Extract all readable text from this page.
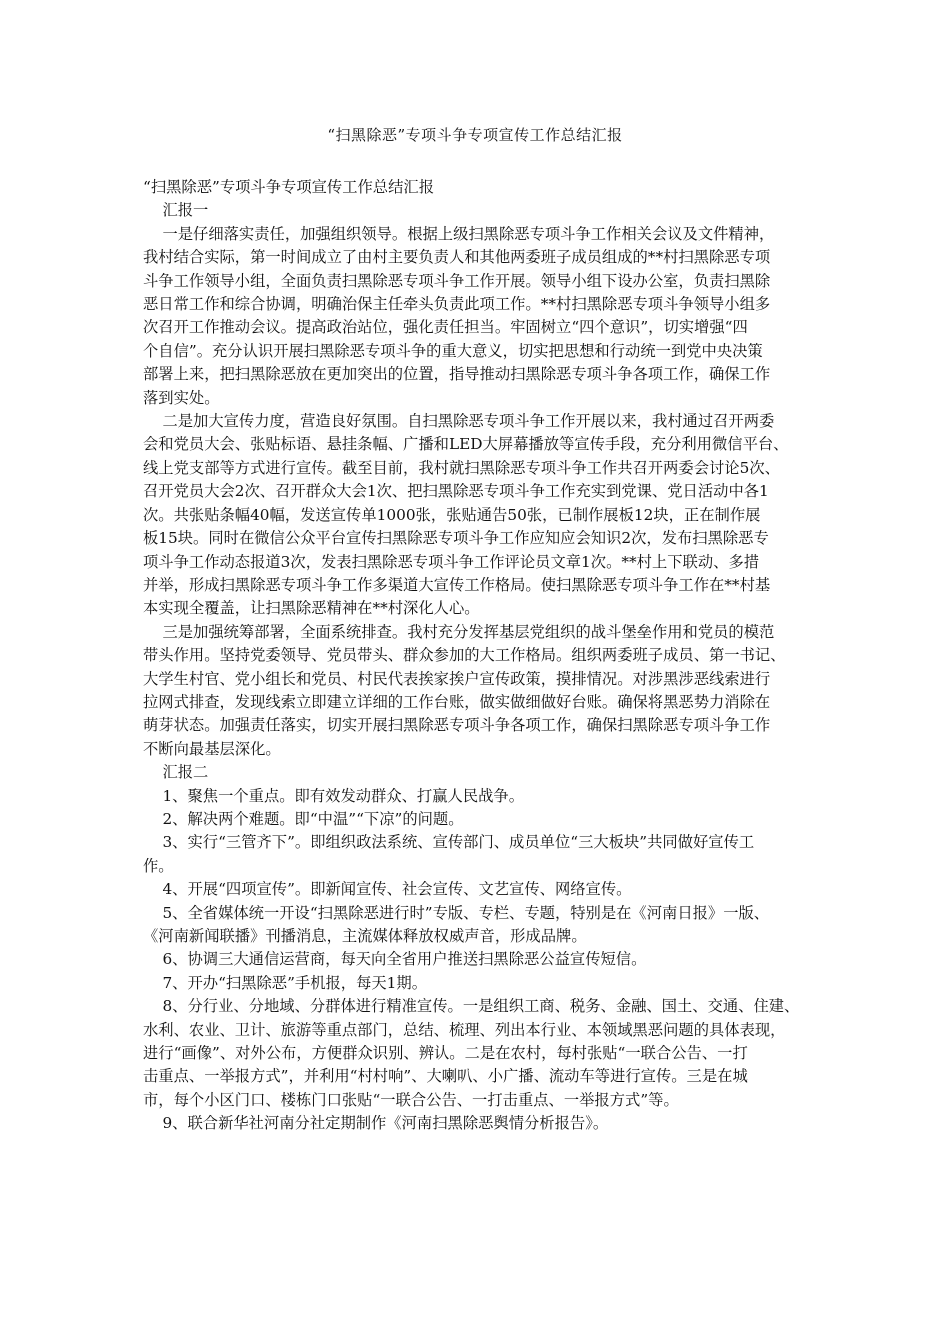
“扫黑除恶”专项斗争专项宣传工作总结汇报

“扫黑除恶”专项斗争专项宣传工作总结汇报

汇报一

一是仔细落实责任，加强组织领导。根据上级扫黑除恶专项斗争工作相关会议及文件精神，

我村结合实际，第一时间成立了由村主要负责人和其他两委班子成员组成的**村扫黑除恶专项

斗争工作领导小组，全面负责扫黑除恶专项斗争工作开展。领导小组下设办公室，负责扫黑除

恶日常工作和综合协调，明确治保主任牵头负责此项工作。**村扫黑除恶专项斗争领导小组多

次召开工作推动会议。提高政治站位，强化责任担当。牢固树立“四个意识”，切实增强“四

个自信”。充分认识开展扫黑除恶专项斗争的重大意义，切实把思想和行动统一到党中央决策

部署上来，把扫黑除恶放在更加突出的位置，指导推动扫黑除恶专项斗争各项工作，确保工作

落到实处。

二是加大宣传力度，营造良好氛围。自扫黑除恶专项斗争工作开展以来，我村通过召开两委

会和党员大会、张贴标语、悬挂条幅、广播和LED大屏幕播放等宣传手段，充分利用微信平台、

线上党支部等方式进行宣传。截至目前，我村就扫黑除恶专项斗争工作共召开两委会讨论5次、

召开党员大会2次、召开群众大会1次、把扫黑除恶专项斗争工作充实到党课、党日活动中各1

次。共张贴条幅40幅，发送宣传单1000张，张贴通告50张，已制作展板12块，正在制作展

板15块。同时在微信公众平台宣传扫黑除恶专项斗争工作应知应会知识2次，发布扫黑除恶专

项斗争工作动态报道3次，发表扫黑除恶专项斗争工作评论员文章1次。**村上下联动、多措

并举，形成扫黑除恶专项斗争工作多渠道大宣传工作格局。使扫黑除恶专项斗争工作在**村基

本实现全覆盖，让扫黑除恶精神在**村深化人心。

三是加强统筹部署，全面系统排查。我村充分发挥基层党组织的战斗堡垒作用和党员的模范

带头作用。坚持党委领导、党员带头、群众参加的大工作格局。组织两委班子成员、第一书记、

大学生村官、党小组长和党员、村民代表挨家挨户宣传政策，摸排情况。对涉黑涉恶线索进行

拉网式排查，发现线索立即建立详细的工作台账，做实做细做好台账。确保将黑恶势力消除在

萌芽状态。加强责任落实，切实开展扫黑除恶专项斗争各项工作，确保扫黑除恶专项斗争工作

不断向最基层深化。

汇报二

1、聚焦一个重点。即有效发动群众、打赢人民战争。

2、解决两个难题。即“中温”“下凉”的问题。

3、实行“三管齐下”。即组织政法系统、宣传部门、成员单位“三大板块”共同做好宣传工

作。

4、开展“四项宣传”。即新闻宣传、社会宣传、文艺宣传、网络宣传。

5、全省媒体统一开设“扫黑除恶进行时”专版、专栏、专题，特别是在《河南日报》一版、

《河南新闻联播》刊播消息，主流媒体释放权威声音，形成品牌。

6、协调三大通信运营商，每天向全省用户推送扫黑除恶公益宣传短信。

7、开办“扫黑除恶”手机报，每天1期。

8、分行业、分地域、分群体进行精准宣传。一是组织工商、税务、金融、国土、交通、住建、

水利、农业、卫计、旅游等重点部门，总结、梳理、列出本行业、本领域黑恶问题的具体表现，

进行“画像”、对外公布，方便群众识别、辨认。二是在农村，每村张贴“一联合公告、一打

击重点、一举报方式”，并利用“村村响”、大喇叭、小广播、流动车等进行宣传。三是在城

市，每个小区门口、楼栋门口张贴“一联合公告、一打击重点、一举报方式”等。

9、联合新华社河南分社定期制作《河南扫黑除恶舆情分析报告》。
